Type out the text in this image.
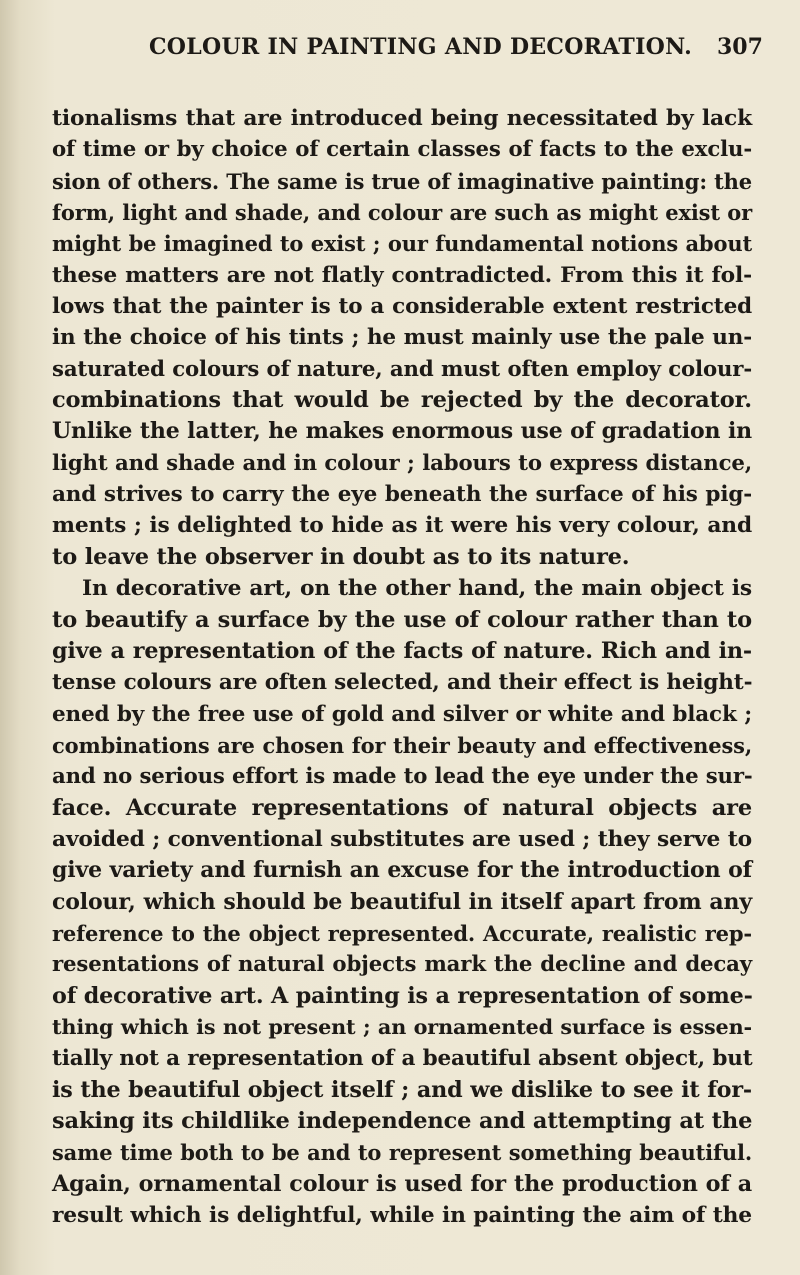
COLOUR IN PAINTING AND DECORATION. 307
tionalisms that are introduced being necessitated by lack
of time or by choice of certain classes of facts to the exclu-
sion of others. The same is true of imaginative painting: the
form, light and shade, and colour are such as might exist or
might be imagined to exist ; our fundamental notions about
these matters are not flatly contradicted. From this it fol-
lows that the painter is to a considerable extent restricted
in the choice of his tints ; he must mainly use the pale un-
saturated colours of nature, and must often employ colour-
combinations that would be rejected by the decorator.
Unlike the latter, he makes enormous use of gradation in
light and shade and in colour ; labours to express distance,
and strives to carry the eye beneath the surface of his pig-
ments ; is delighted to hide as it were his very colour, and
to leave the observer in doubt as to its nature.
In decorative art, on the other hand, the main object is
to beautify a surface by the use of colour rather than to
give a representation of the facts of nature. Rich and in-
tense colours are often selected, and their effect is height-
ened by the free use of gold and silver or white and black ;
combinations are chosen for their beauty and effectiveness,
and no serious effort is made to lead the eye under the sur-
face. Accurate representations of natural objects are
avoided ; conventional substitutes are used ; they serve to
give variety and furnish an excuse for the introduction of
colour, which should be beautiful in itself apart from any
reference to the object represented. Accurate, realistic rep-
resentations of natural objects mark the decline and decay
of decorative art. A painting is a representation of some-
thing which is not present ; an ornamented surface is essen-
tially not a representation of a beautiful absent object, but
is the beautiful object itself ; and we dislike to see it for-
saking its childlike independence and attempting at the
same time both to be and to represent something beautiful.
Again, ornamental colour is used for the production of a
result which is delightful, while in painting the aim of the
